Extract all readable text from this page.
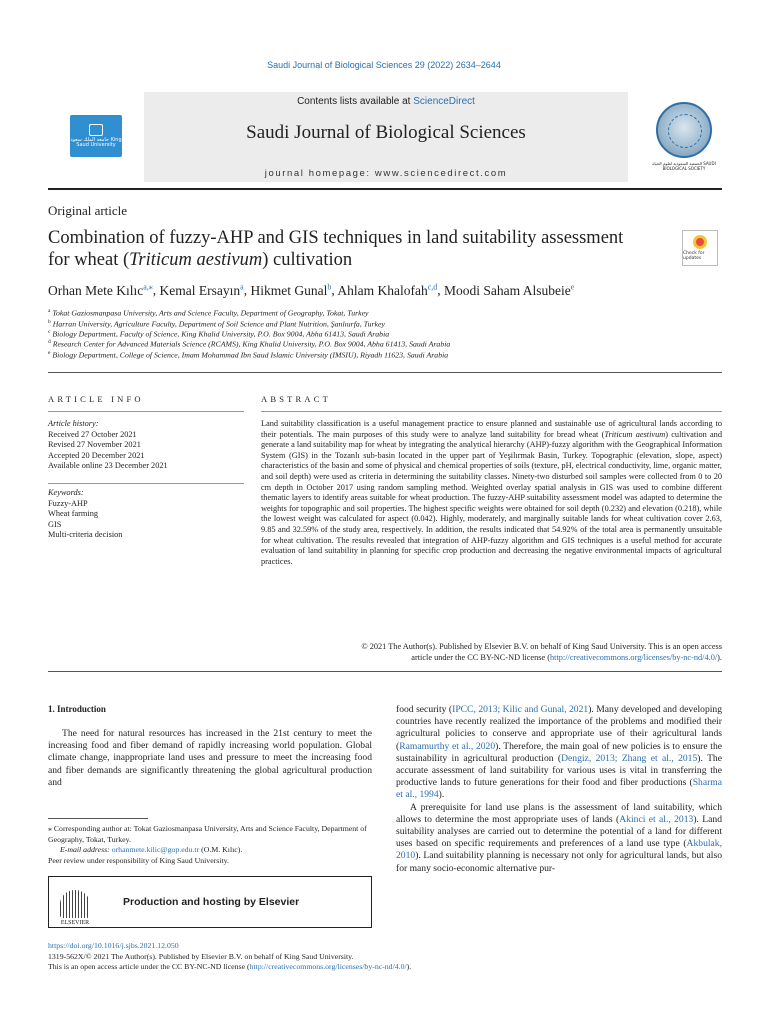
Saudi Journal of Biological Sciences 29 (2022) 2634–2644
جامعة الملك سعود King Saud University
Contents lists available at ScienceDirect
Saudi Journal of Biological Sciences
journal homepage: www.sciencedirect.com
الجمعية السعودية لعلوم الحياة SAUDI BIOLOGICAL SOCIETY
Original article
Combination of fuzzy-AHP and GIS techniques in land suitability assessment for wheat (Triticum aestivum) cultivation	Check for updates
Orhan Mete Kılıc$^{a,⁎}$, Kemal Ersayın$^a$, Hikmet Gunal$^b$, Ahlam Khalofah$^{c,d}$, Moodi Saham Alsubeie$^e$
$^a$ Tokat Gaziosmanpasa University, Arts and Science Faculty, Department of Geography, Tokat, Turkey
$^b$ Harran University, Agriculture Faculty, Department of Soil Science and Plant Nutrition, Şanlıurfa, Turkey
$^c$ Biology Department, Faculty of Science, King Khalid University, P.O. Box 9004, Abha 61413, Saudi Arabia
$^d$ Research Center for Advanced Materials Science (RCAMS), King Khalid University, P.O. Box 9004, Abha 61413, Saudi Arabia
$^e$ Biology Department, College of Science, Imam Mohammad Ibn Saud Islamic University (IMSIU), Riyadh 11623, Saudi Arabia
ARTICLE INFO	ABSTRACT
Article history:
Received 27 October 2021
Revised 27 November 2021
Accepted 20 December 2021
Available online 23 December 2021
Keywords:
Fuzzy-AHP
Wheat farming
GIS
Multi-criteria decision
Land suitability classification is a useful management practice to ensure planned and sustainable use of agricultural lands according to their potentials. The main purposes of this study were to analyze land suitability for bread wheat (Triticum aestivum) cultivation and generate a land suitability map for wheat by integrating the analytical hierarchy (AHP)-fuzzy algorithm with the Geographical Information System (GIS) in the Tozanlı sub-basin located in the upper part of Yeşilırmak Basin, Turkey. Topographic (elevation, slope, aspect) characteristics of the basin and some of physical and chemical properties of soils (texture, pH, electrical conductivity, lime, organic matter, and soil depth) were used as criteria in determining the suitability classes. Ninety-two disturbed soil samples were collected from 0 to 20 cm depth in October 2017 using random sampling method. Weighted overlay spatial analysis in GIS was used to combine different thematic layers to identify areas suitable for wheat production. The fuzzy-AHP suitability assessment model was adapted to determine the weights for topographic and soil properties. The highest specific weights were obtained for soil depth (0.232) and elevation (0.218), while the lowest weight was calculated for aspect (0.042). Highly, moderately, and marginally suitable lands for wheat cultivation cover 2.63, 9.85 and 32.59% of the study area, respectively. In addition, the results indicated that 54.92% of the total area is permanently unsuitable for wheat cultivation. The results revealed that integration of AHP-fuzzy algorithm and GIS techniques is a useful method for accurate evaluation of land suitability in planning for specific crop production and decreasing the negative environmental impacts of agricultural practices.
© 2021 The Author(s). Published by Elsevier B.V. on behalf of King Saud University. This is an open access
article under the CC BY-NC-ND license (http://creativecommons.org/licenses/by-nc-nd/4.0/).
1. Introduction

The need for natural resources has increased in the 21st century to meet the increasing food and fiber demand of rapidly increasing world population. Global climate change, inappropriate land uses and pressure to meet the increasing food and fiber demands are significantly threatening the global agricultural production and

food security (IPCC, 2013; Kilic and Gunal, 2021). Many developed and developing countries have recently realized the importance of the problems and modified their agricultural policies to conserve and appropriate use of their agricultural lands (Ramamurthy et al., 2020). Therefore, the main goal of new policies is to ensure the sustainability in agricultural production (Dengiz, 2013; Zhang et al., 2015). The accurate assessment of land suitability for various uses is vital in transferring the productive lands to future generations for their food and fiber productions (Sharma et al., 1994).

A prerequisite for land use plans is the assessment of land suitability, which allows to determine the most appropriate uses of lands (Akinci et al., 2013). Land suitability analyses are carried out to determine the potential of a land for different uses based on specific requirements and preferences of a land use type (Akbulak, 2010). Land suitability planning is necessary not only for agricultural lands, but also for many socio-economic alternative pur-

⁎ Corresponding author at: Tokat Gaziosmanpasa University, Arts and Science Faculty, Department of Geography, Tokat, Turkey.
E-mail address: orhanmete.kilic@gop.edu.tr (O.M. Kılıc).
Peer review under responsibility of King Saud University.
ELSEVIER
Production and hosting by Elsevier
https://doi.org/10.1016/j.sjbs.2021.12.050
1319-562X/© 2021 The Author(s). Published by Elsevier B.V. on behalf of King Saud University.
This is an open access article under the CC BY-NC-ND license (http://creativecommons.org/licenses/by-nc-nd/4.0/).
